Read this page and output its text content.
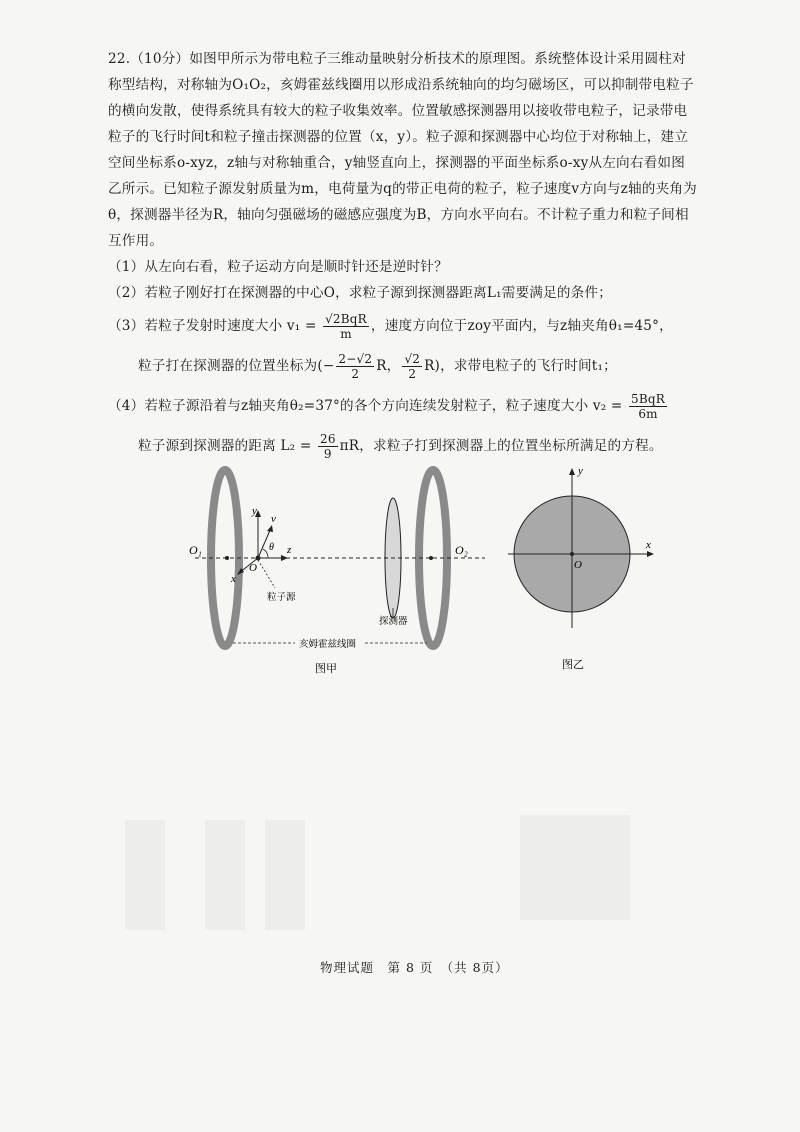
22.（10分）如图甲所示为带电粒子三维动量映射分析技术的原理图。系统整体设计采用圆柱对称型结构，对称轴为O₁O₂，亥姆霍兹线圈用以形成沿系统轴向的均匀磁场区，可以抑制带电粒子的横向发散，使得系统具有较大的粒子收集效率。位置敏感探测器用以接收带电粒子，记录带电粒子的飞行时间t和粒子撞击探测器的位置（x，y）。粒子源和探测器中心均位于对称轴上，建立空间坐标系o-xyz，z轴与对称轴重合，y轴竖直向上，探测器的平面坐标系o-xy从左向右看如图乙所示。已知粒子源发射质量为m，电荷量为q的带正电荷的粒子，粒子速度v方向与z轴的夹角为θ，探测器半径为R，轴向匀强磁场的磁感应强度为B，方向水平向右。不计粒子重力和粒子间相互作用。

（1）从左向右看，粒子运动方向是顺时针还是逆时针？

（2）若粒子刚好打在探测器的中心O，求粒子源到探测器距离L₁需要满足的条件；

（3）若粒子发射时速度大小 $v_1 = \frac{\text{√2BqR}}{m}$ ，速度方向位于zoy平面内，与z轴夹角θ₁=45°，

粒子打在探测器的位置坐标为(− $\frac{2-√2}{2}$ R， $\frac{√2}{2} R$)，求带电粒子的飞行时间t₁；

（4）若粒子源沿着与z轴夹角θ₂=37°的各个方向连续发射粒子，粒子速度大小 $v_2 = \frac{\text{5BqR}}{6m}$

粒子源到探测器的距离 $L_2 = \frac{26}{9}$ πR，求粒子打到探测器上的位置坐标所满足的方程。

O₁	O₂
y
v
θ z
x
O
粒子源
探测器
亥姆霍兹线圈
图甲
y
x
O
图乙
物理试题　第 8 页　（共 8页）
